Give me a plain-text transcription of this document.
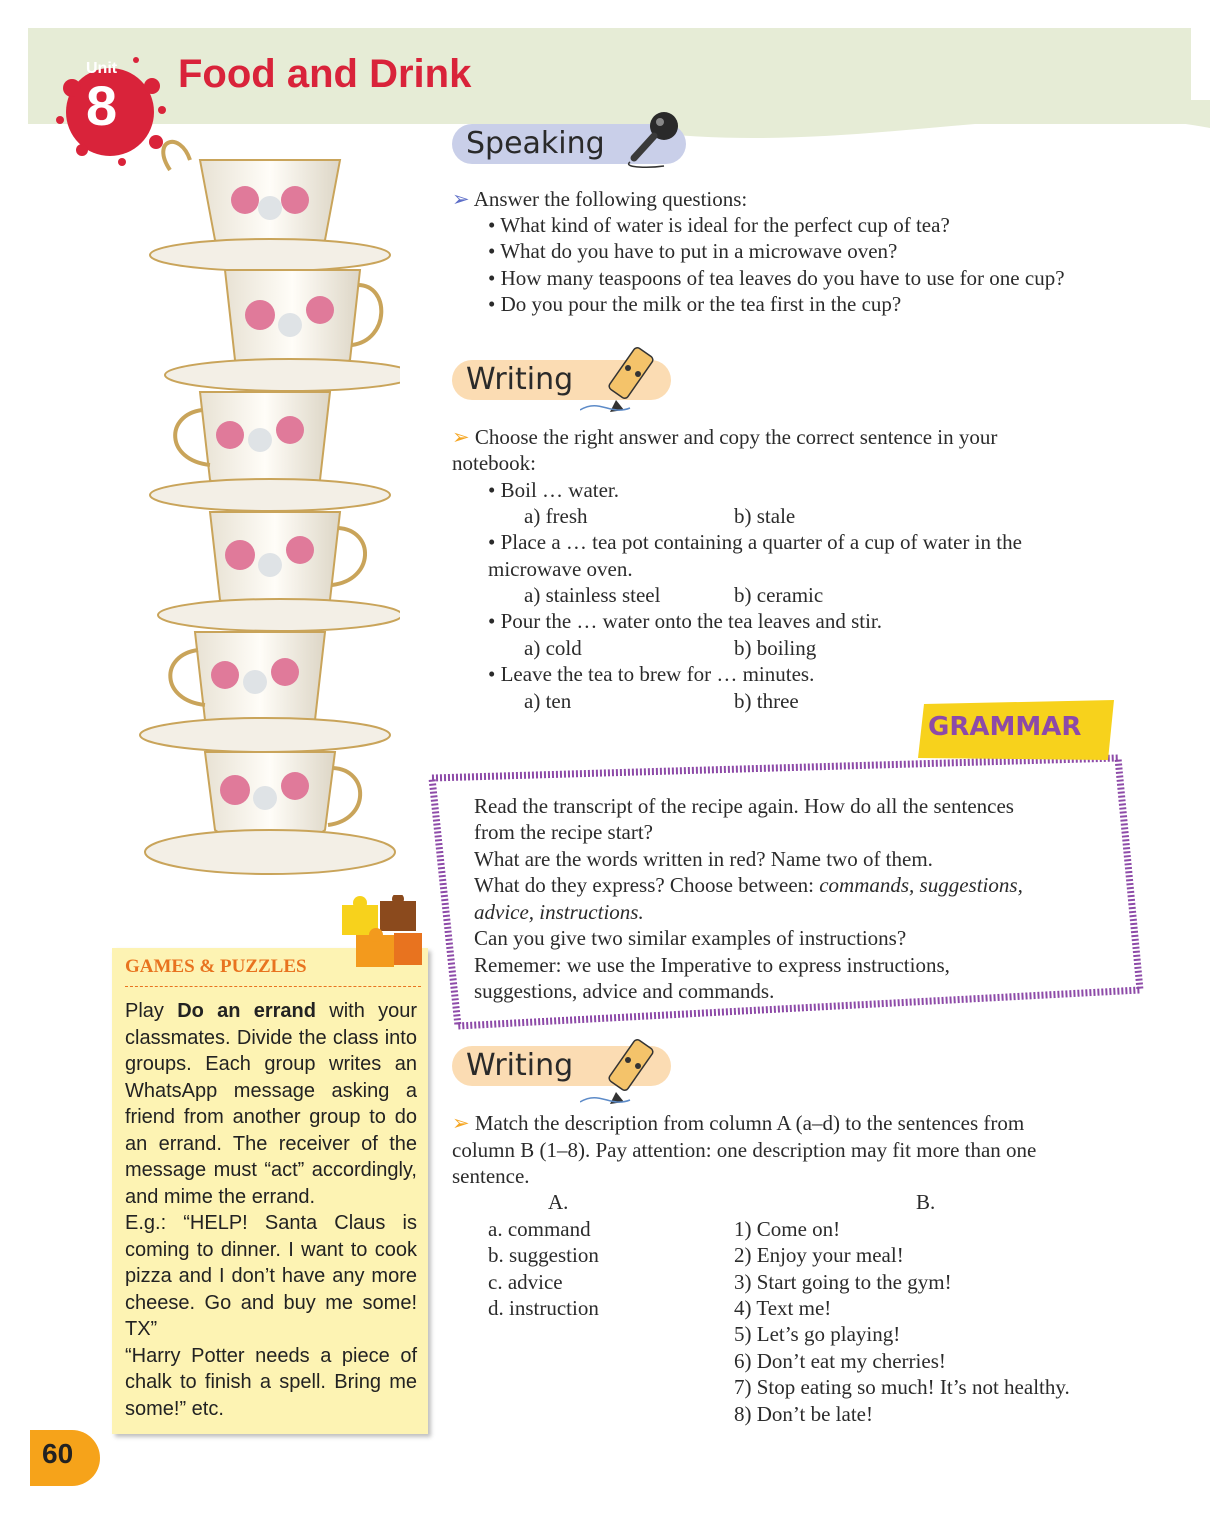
Unit
8 Food and Drink
Speaking
➢ Answer the following questions:
• What kind of water is ideal for the perfect cup of tea?
• What do you have to put in a microwave oven?
• How many teaspoons of tea leaves do you have to use for one cup?
• Do you pour the milk or the tea first in the cup?
Writing
➢ Choose the right answer and copy the correct sentence in your
notebook:
• Boil … water.
a) fresh	b) stale
• Place a … tea pot containing a quarter of a cup of water in the
microwave oven.
a) stainless steel	b) ceramic
• Pour the … water onto the tea leaves and stir.
a) cold	b) boiling
• Leave the tea to brew for … minutes.
a) ten	b) three
GRAMMAR
Read the transcript of the recipe again. How do all the sentences
from the recipe start?
What are the words written in red? Name two of them.
What do they express? Choose between: commands, suggestions,
advice, instructions.
Can you give two similar examples of instructions?
Rememer: we use the Imperative to express instructions,
suggestions, advice and commands.
Writing
➢ Match the description from column A (a–d) to the sentences from
column B (1–8). Pay attention: one description may fit more than one
sentence.
A.	B.
a. command
b. suggestion
c. advice
d. instruction
1) Come on!
2) Enjoy your meal!
3) Start going to the gym!
4) Text me!
5) Let’s go playing!
6) Don’t eat my cherries!
7) Stop eating so much! It’s not healthy.
8) Don’t be late!
GAMES & PUZZLES
Play Do an errand with your classmates. Divide the class into groups. Each group writes an WhatsApp message asking a friend from another group to do an errand. The receiver of the message must “act” accordingly, and mime the errand.
E.g.: “HELP! Santa Claus is coming to dinner. I want to cook pizza and I don’t have any more cheese. Go and buy me some! TX”
“Harry Potter needs a piece of chalk to finish a spell. Bring me some!” etc.
60
